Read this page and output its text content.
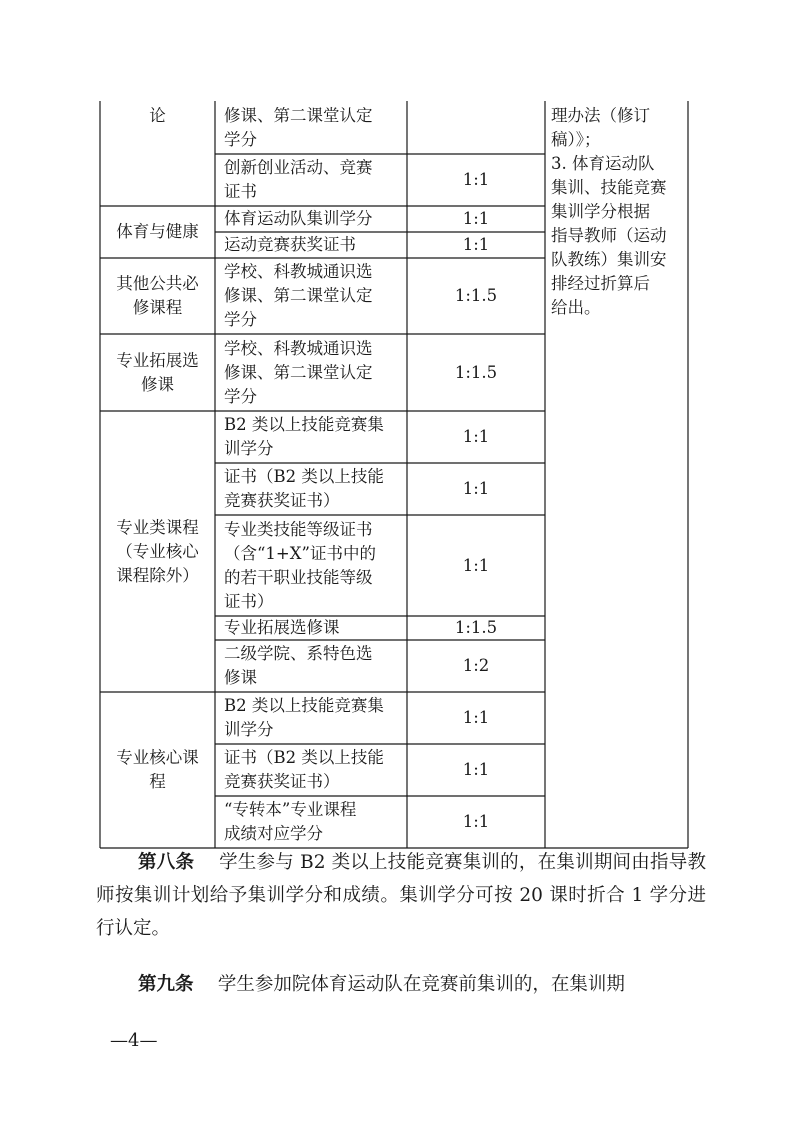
论
体育与健康
其他公共必
修课程
专业拓展选
修课
专业类课程
（专业核心
课程除外）
专业核心课
程
修课、第二课堂认定
学分
创新创业活动、竞赛
证书
体育运动队集训学分
运动竞赛获奖证书
学校、科教城通识选
修课、第二课堂认定
学分
学校、科教城通识选
修课、第二课堂认定
学分
B2 类以上技能竞赛集
训学分
证书（B2 类以上技能
竞赛获奖证书）
专业类技能等级证书
（含“1+X”证书中的
的若干职业技能等级
证书）
专业拓展选修课
二级学院、系特色选
修课
B2 类以上技能竞赛集
训学分
证书（B2 类以上技能
竞赛获奖证书）
“专转本”专业课程
成绩对应学分
1:1
1:1
1:1
1:1.5
1:1.5
1:1
1:1
1:1
1:1.5
1:2
1:1
1:1
1:1
理办法（修订
稿）》；
3. 体育运动队
集训、技能竞赛
集训学分根据
指导教师（运动
队教练）集训安
排经过折算后
给出。

第八条　 学生参与 B2 类以上技能竞赛集训的，在集训期间由指导教师按集训计划给予集训学分和成绩。集训学分可按 20 课时折合 1 学分进行认定。

第九条　 学生参加院体育运动队在竞赛前集训的，在集训期

—4—
